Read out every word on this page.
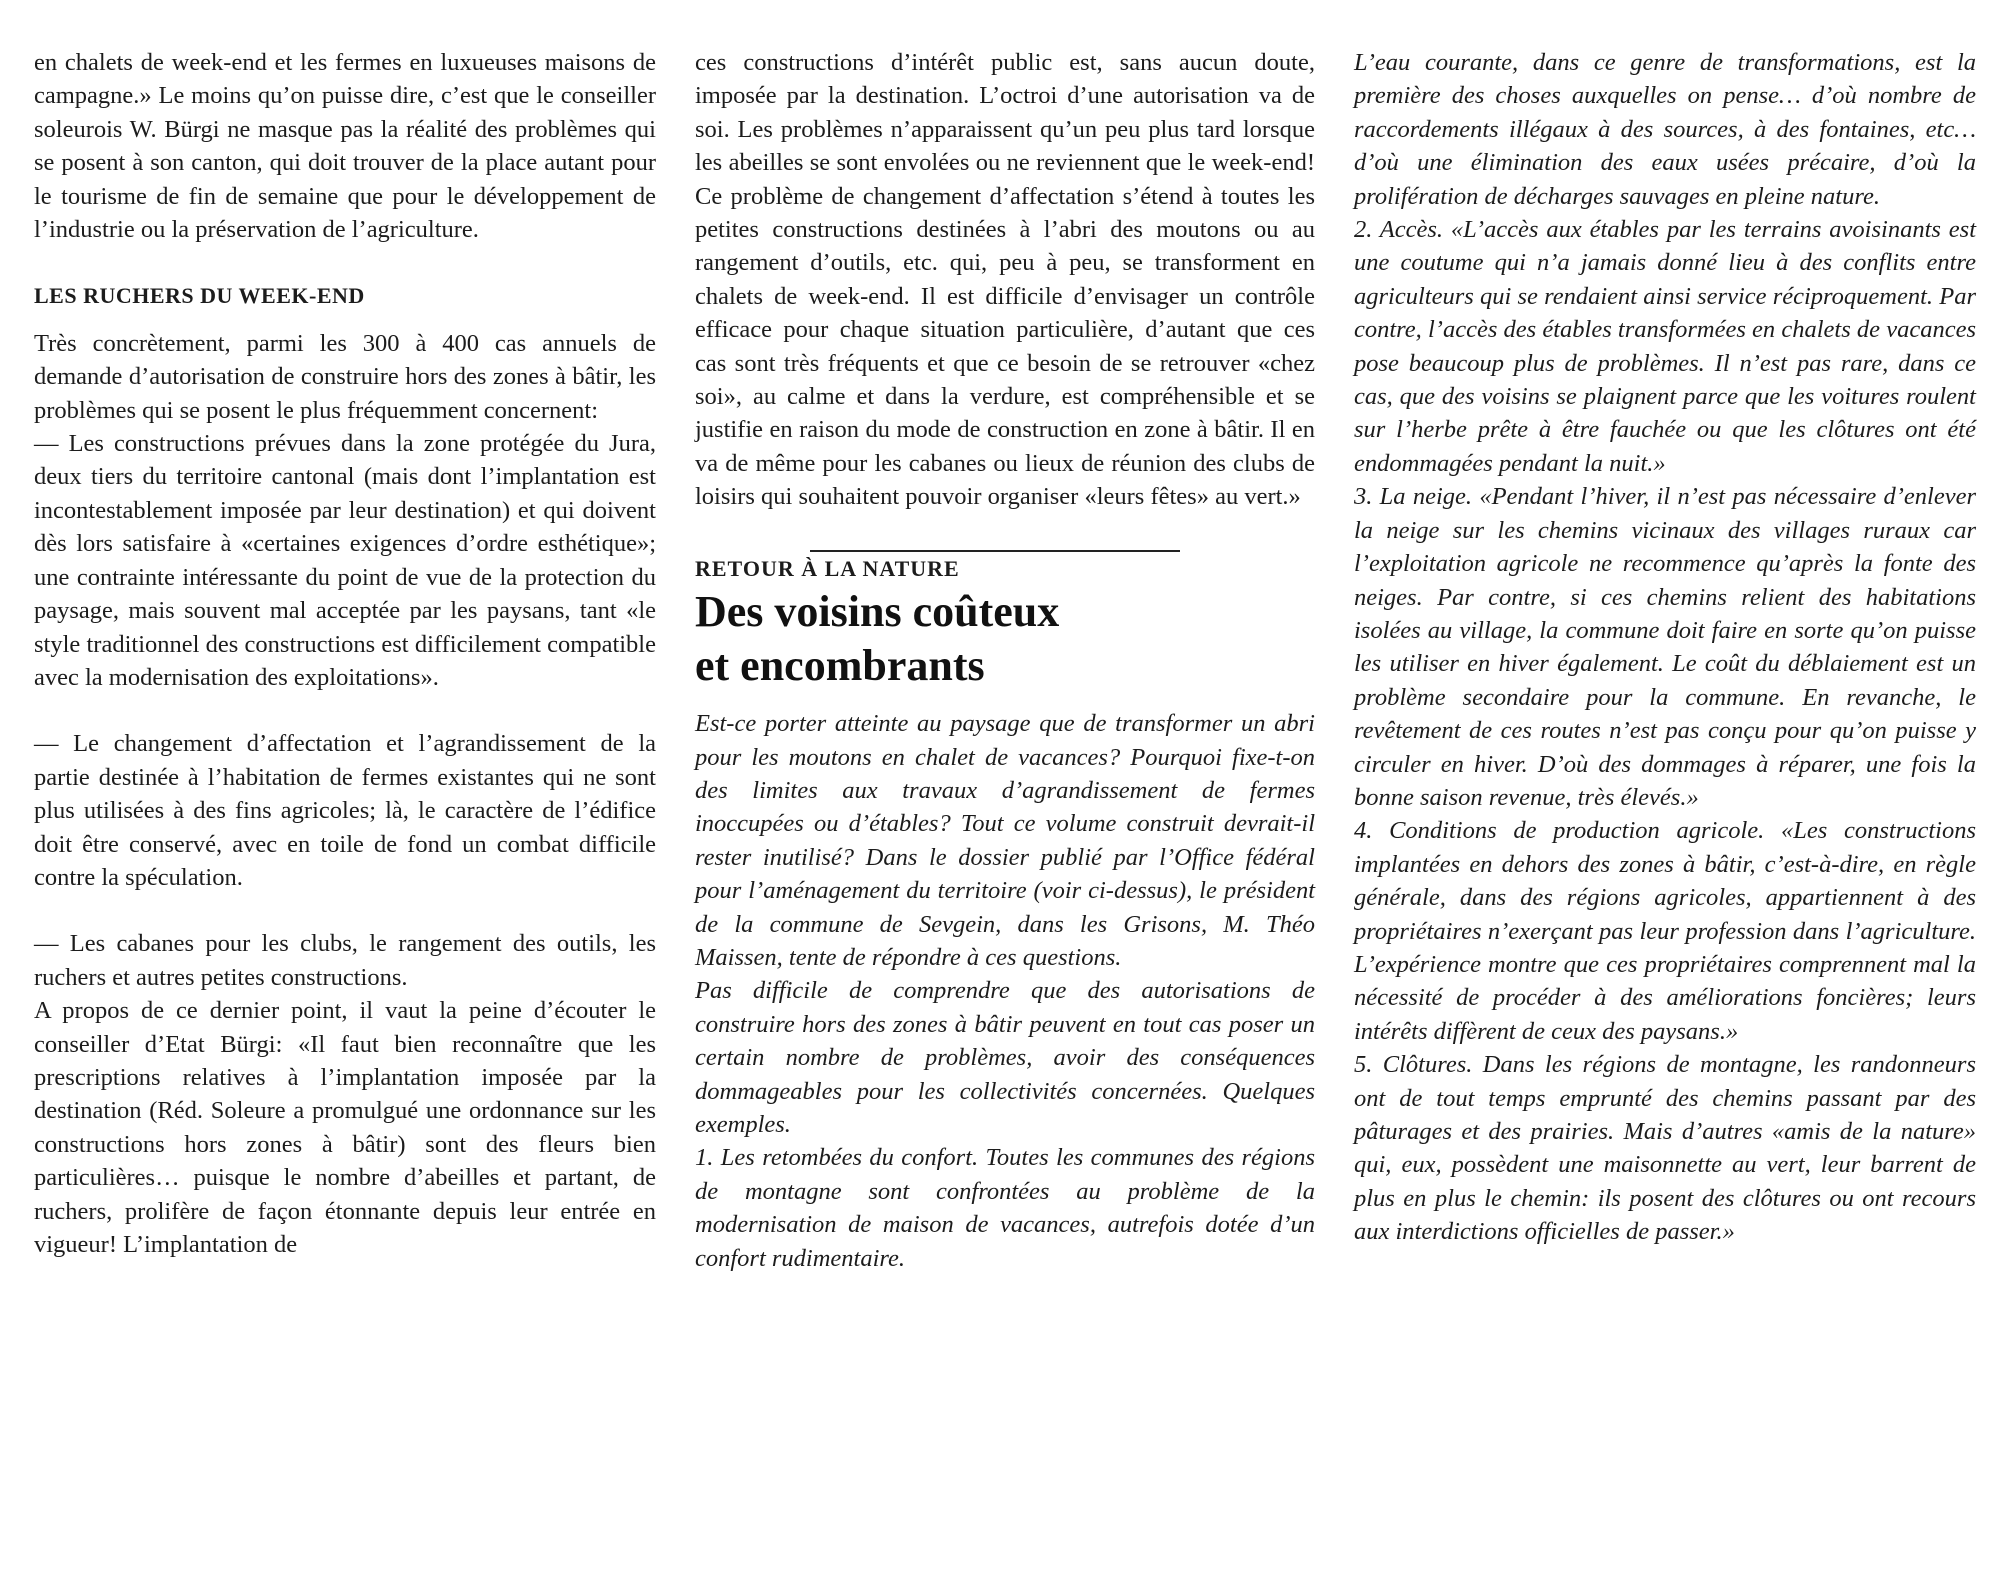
en chalets de week-end et les fermes en luxueuses maisons de campagne.» Le moins qu’on puisse dire, c’est que le conseiller soleurois W. Bürgi ne masque pas la réalité des problèmes qui se posent à son canton, qui doit trouver de la place autant pour le tourisme de fin de semaine que pour le développement de l’industrie ou la préservation de l’agriculture.

LES RUCHERS DU WEEK-END

Très concrètement, parmi les 300 à 400 cas annuels de demande d’autorisation de construire hors des zones à bâtir, les problèmes qui se posent le plus fréquemment concernent:

— Les constructions prévues dans la zone protégée du Jura, deux tiers du territoire cantonal (mais dont l’implantation est incontestablement imposée par leur destination) et qui doivent dès lors satisfaire à «certaines exigences d’ordre esthétique»; une contrainte intéressante du point de vue de la protection du paysage, mais souvent mal acceptée par les paysans, tant «le style traditionnel des constructions est difficilement compatible avec la modernisation des exploitations».

— Le changement d’affectation et l’agrandissement de la partie destinée à l’habitation de fermes existantes qui ne sont plus utilisées à des fins agricoles; là, le caractère de l’édifice doit être conservé, avec en toile de fond un combat difficile contre la spéculation.

— Les cabanes pour les clubs, le rangement des outils, les ruchers et autres petites constructions.

A propos de ce dernier point, il vaut la peine d’écouter le conseiller d’Etat Bürgi: «Il faut bien reconnaître que les prescriptions relatives à l’implantation imposée par la destination (Réd. Soleure a promulgué une ordonnance sur les constructions hors zones à bâtir) sont des fleurs bien particulières… puisque le nombre d’abeilles et partant, de ruchers, prolifère de façon étonnante depuis leur entrée en vigueur! L’implantation de

ces constructions d’intérêt public est, sans aucun doute, imposée par la destination. L’octroi d’une autorisation va de soi. Les problèmes n’apparaissent qu’un peu plus tard lorsque les abeilles se sont envolées ou ne reviennent que le week-end! Ce problème de changement d’affectation s’étend à toutes les petites constructions destinées à l’abri des moutons ou au rangement d’outils, etc. qui, peu à peu, se transforment en chalets de week-end. Il est difficile d’envisager un contrôle efficace pour chaque situation particulière, d’autant que ces cas sont très fréquents et que ce besoin de se retrouver «chez soi», au calme et dans la verdure, est compréhensible et se justifie en raison du mode de construction en zone à bâtir. Il en va de même pour les cabanes ou lieux de réunion des clubs de loisirs qui souhaitent pouvoir organiser «leurs fêtes» au vert.»

RETOUR À LA NATURE

Des voisins coûteux
et encombrants

Est-ce porter atteinte au paysage que de transformer un abri pour les moutons en chalet de vacances? Pourquoi fixe-t-on des limites aux travaux d’agrandissement de fermes inoccupées ou d’étables? Tout ce volume construit devrait-il rester inutilisé? Dans le dossier publié par l’Office fédéral pour l’aménagement du territoire (voir ci-dessus), le président de la commune de Sevgein, dans les Grisons, M. Théo Maissen, tente de répondre à ces questions.

Pas difficile de comprendre que des autorisations de construire hors des zones à bâtir peuvent en tout cas poser un certain nombre de problèmes, avoir des conséquences dommageables pour les collectivités concernées. Quelques exemples.

1. Les retombées du confort. Toutes les communes des régions de montagne sont confrontées au problème de la modernisation de maison de vacances, autrefois dotée d’un confort rudimentaire.

L’eau courante, dans ce genre de transformations, est la première des choses auxquelles on pense… d’où nombre de raccordements illégaux à des sources, à des fontaines, etc… d’où une élimination des eaux usées précaire, d’où la prolifération de décharges sauvages en pleine nature.

2. Accès. «L’accès aux étables par les terrains avoisinants est une coutume qui n’a jamais donné lieu à des conflits entre agriculteurs qui se rendaient ainsi service réciproquement. Par contre, l’accès des étables transformées en chalets de vacances pose beaucoup plus de problèmes. Il n’est pas rare, dans ce cas, que des voisins se plaignent parce que les voitures roulent sur l’herbe prête à être fauchée ou que les clôtures ont été endommagées pendant la nuit.»

3. La neige. «Pendant l’hiver, il n’est pas nécessaire d’enlever la neige sur les chemins vicinaux des villages ruraux car l’exploitation agricole ne recommence qu’après la fonte des neiges. Par contre, si ces chemins relient des habitations isolées au village, la commune doit faire en sorte qu’on puisse les utiliser en hiver également. Le coût du déblaiement est un problème secondaire pour la commune. En revanche, le revêtement de ces routes n’est pas conçu pour qu’on puisse y circuler en hiver. D’où des dommages à réparer, une fois la bonne saison revenue, très élevés.»

4. Conditions de production agricole. «Les constructions implantées en dehors des zones à bâtir, c’est-à-dire, en règle générale, dans des régions agricoles, appartiennent à des propriétaires n’exerçant pas leur profession dans l’agriculture. L’expérience montre que ces propriétaires comprennent mal la nécessité de procéder à des améliorations foncières; leurs intérêts diffèrent de ceux des paysans.»

5. Clôtures. Dans les régions de montagne, les randonneurs ont de tout temps emprunté des chemins passant par des pâturages et des prairies. Mais d’autres «amis de la nature» qui, eux, possèdent une maisonnette au vert, leur barrent de plus en plus le chemin: ils posent des clôtures ou ont recours aux interdictions officielles de passer.»
